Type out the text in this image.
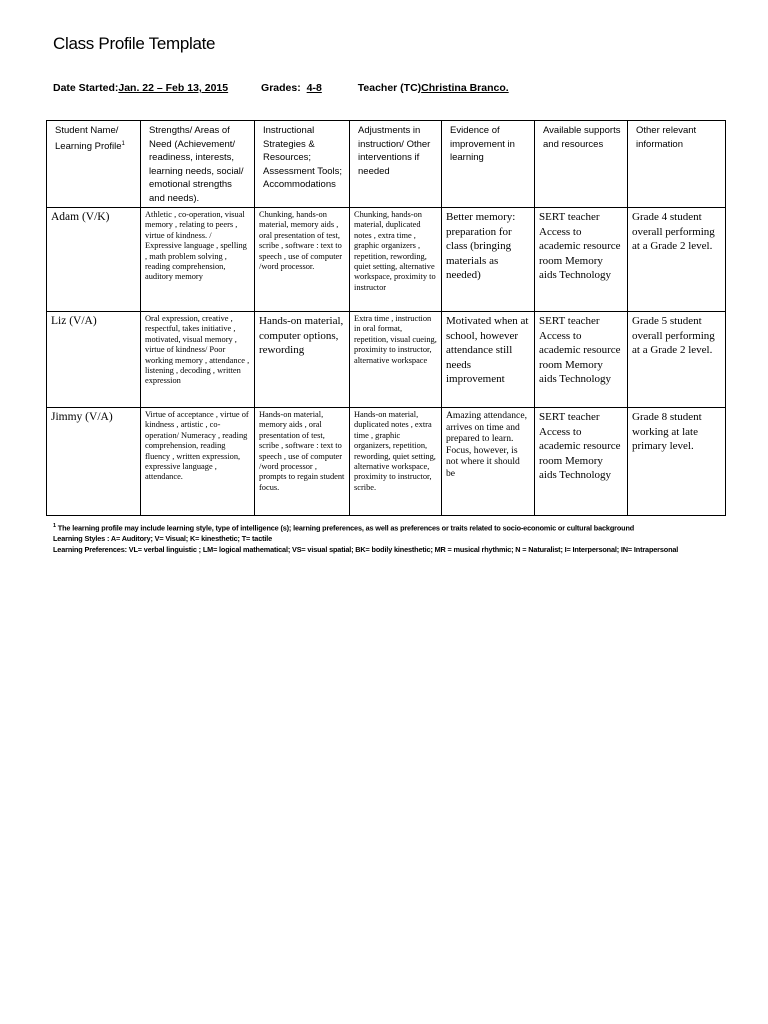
Class Profile Template
Date Started:Jan. 22 – Feb 13, 2015	Grades: 4-8	Teacher (TC)Christina Branco.
Student Name/ Learning Profile$^1$	Strengths/ Areas of Need (Achievement/ readiness, interests, learning needs, social/ emotional strengths and needs).	Instructional Strategies & Resources; Assessment Tools; Accommodations	Adjustments in instruction/ Other interventions if needed	Evidence of improvement in learning	Available supports and resources	Other relevant information

Adam (V/K)	Athletic , co-operation, visual memory , relating to peers , virtue of kindness. / Expressive language , spelling , math problem solving , reading comprehension, auditory memory	Chunking, hands-on material, memory aids , oral presentation of test, scribe , software : text to speech , use of computer /word processor.	Chunking, hands-on material, duplicated notes , extra time , graphic organizers , repetition, rewording, quiet setting, alternative workspace, proximity to instructor	Better memory: preparation for class (bringing materials as needed)	SERT teacher Access to academic resource room Memory aids Technology	Grade 4 student overall performing at a Grade 2 level.

Liz (V/A)	Oral expression, creative , respectful, takes initiative , motivated, visual memory , virtue of kindness/ Poor working memory , attendance , listening , decoding , written expression	Hands-on material, computer options, rewording	Extra time , instruction in oral format, repetition, visual cueing, proximity to instructor, alternative workspace	Motivated when at school, however attendance still needs improvement	SERT teacher Access to academic resource room Memory aids Technology	Grade 5 student overall performing at a Grade 2 level.

Jimmy (V/A)	Virtue of acceptance , virtue of kindness , artistic , co-operation/ Numeracy , reading comprehension, reading fluency , written expression, expressive language , attendance.	Hands-on material, memory aids , oral presentation of test, scribe , software : text to speech , use of computer /word processor , prompts to regain student focus.	Hands-on material, duplicated notes , extra time , graphic organizers, repetition, rewording, quiet setting, alternative workspace, proximity to instructor, scribe.	Amazing attendance, arrives on time and prepared to learn. Focus, however, is not where it should be	SERT teacher Access to academic resource room Memory aids Technology	Grade 8 student working at late primary level.
$^1$ The learning profile may include learning style, type of intelligence (s); learning preferences, as well as preferences or traits related to socio-economic or cultural background
Learning Styles : A= Auditory; V= Visual; K= kinesthetic; T= tactile
Learning Preferences: VL= verbal linguistic ; LM= logical mathematical; VS= visual spatial; BK= bodily kinesthetic; MR = musical rhythmic; N = Naturalist; I= Interpersonal; IN= Intrapersonal
